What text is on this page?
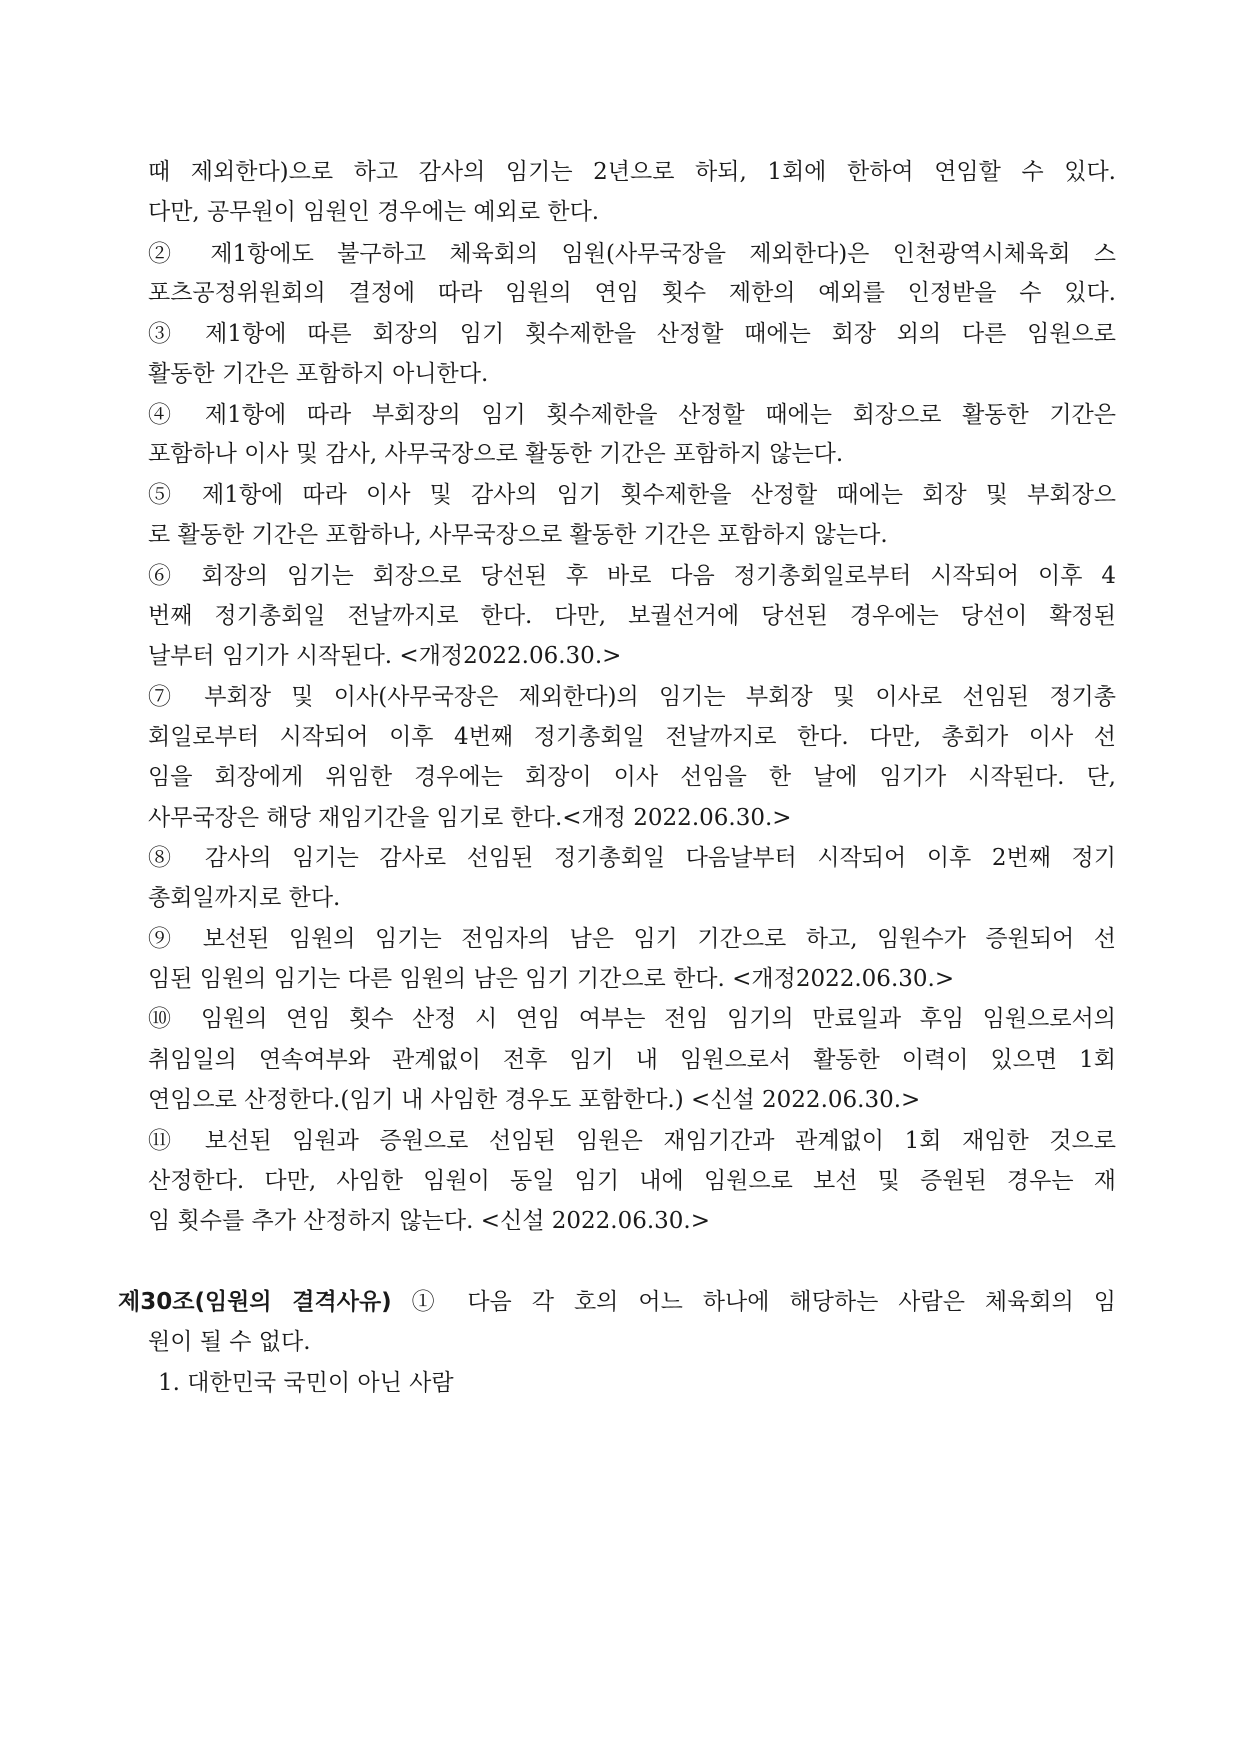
때 제외한다)으로 하고 감사의 임기는 2년으로 하되, 1회에 한하여 연임할 수 있다.
다만, 공무원이 임원인 경우에는 예외로 한다.
② 제1항에도 불구하고 체육회의 임원(사무국장을 제외한다)은 인천광역시체육회 스
포츠공정위원회의 결정에 따라 임원의 연임 횟수 제한의 예외를 인정받을 수 있다.
③ 제1항에 따른 회장의 임기 횟수제한을 산정할 때에는 회장 외의 다른 임원으로
활동한 기간은 포함하지 아니한다.
④ 제1항에 따라 부회장의 임기 횟수제한을 산정할 때에는 회장으로 활동한 기간은
포함하나 이사 및 감사, 사무국장으로 활동한 기간은 포함하지 않는다.
⑤ 제1항에 따라 이사 및 감사의 임기 횟수제한을 산정할 때에는 회장 및 부회장으
로 활동한 기간은 포함하나, 사무국장으로 활동한 기간은 포함하지 않는다.
⑥ 회장의 임기는 회장으로 당선된 후 바로 다음 정기총회일로부터 시작되어 이후 4
번째 정기총회일 전날까지로 한다. 다만, 보궐선거에 당선된 경우에는 당선이 확정된
날부터 임기가 시작된다. <개정2022.06.30.>
⑦ 부회장 및 이사(사무국장은 제외한다)의 임기는 부회장 및 이사로 선임된 정기총
회일로부터 시작되어 이후 4번째 정기총회일 전날까지로 한다. 다만, 총회가 이사 선
임을 회장에게 위임한 경우에는 회장이 이사 선임을 한 날에 임기가 시작된다. 단,
사무국장은 해당 재임기간을 임기로 한다.<개정 2022.06.30.>
⑧ 감사의 임기는 감사로 선임된 정기총회일 다음날부터 시작되어 이후 2번째 정기
총회일까지로 한다.
⑨ 보선된 임원의 임기는 전임자의 남은 임기 기간으로 하고, 임원수가 증원되어 선
임된 임원의 임기는 다른 임원의 남은 임기 기간으로 한다. <개정2022.06.30.>
⑩ 임원의 연임 횟수 산정 시 연임 여부는 전임 임기의 만료일과 후임 임원으로서의
취임일의 연속여부와 관계없이 전후 임기 내 임원으로서 활동한 이력이 있으면 1회
연임으로 산정한다.(임기 내 사임한 경우도 포함한다.) <신설 2022.06.30.>
⑪ 보선된 임원과 증원으로 선임된 임원은 재임기간과 관계없이 1회 재임한 것으로
산정한다. 다만, 사임한 임원이 동일 임기 내에 임원으로 보선 및 증원된 경우는 재
임 횟수를 추가 산정하지 않는다. <신설 2022.06.30.>
제30조(임원의 결격사유) ① 다음 각 호의 어느 하나에 해당하는 사람은 체육회의 임
원이 될 수 없다.
1. 대한민국 국민이 아닌 사람
